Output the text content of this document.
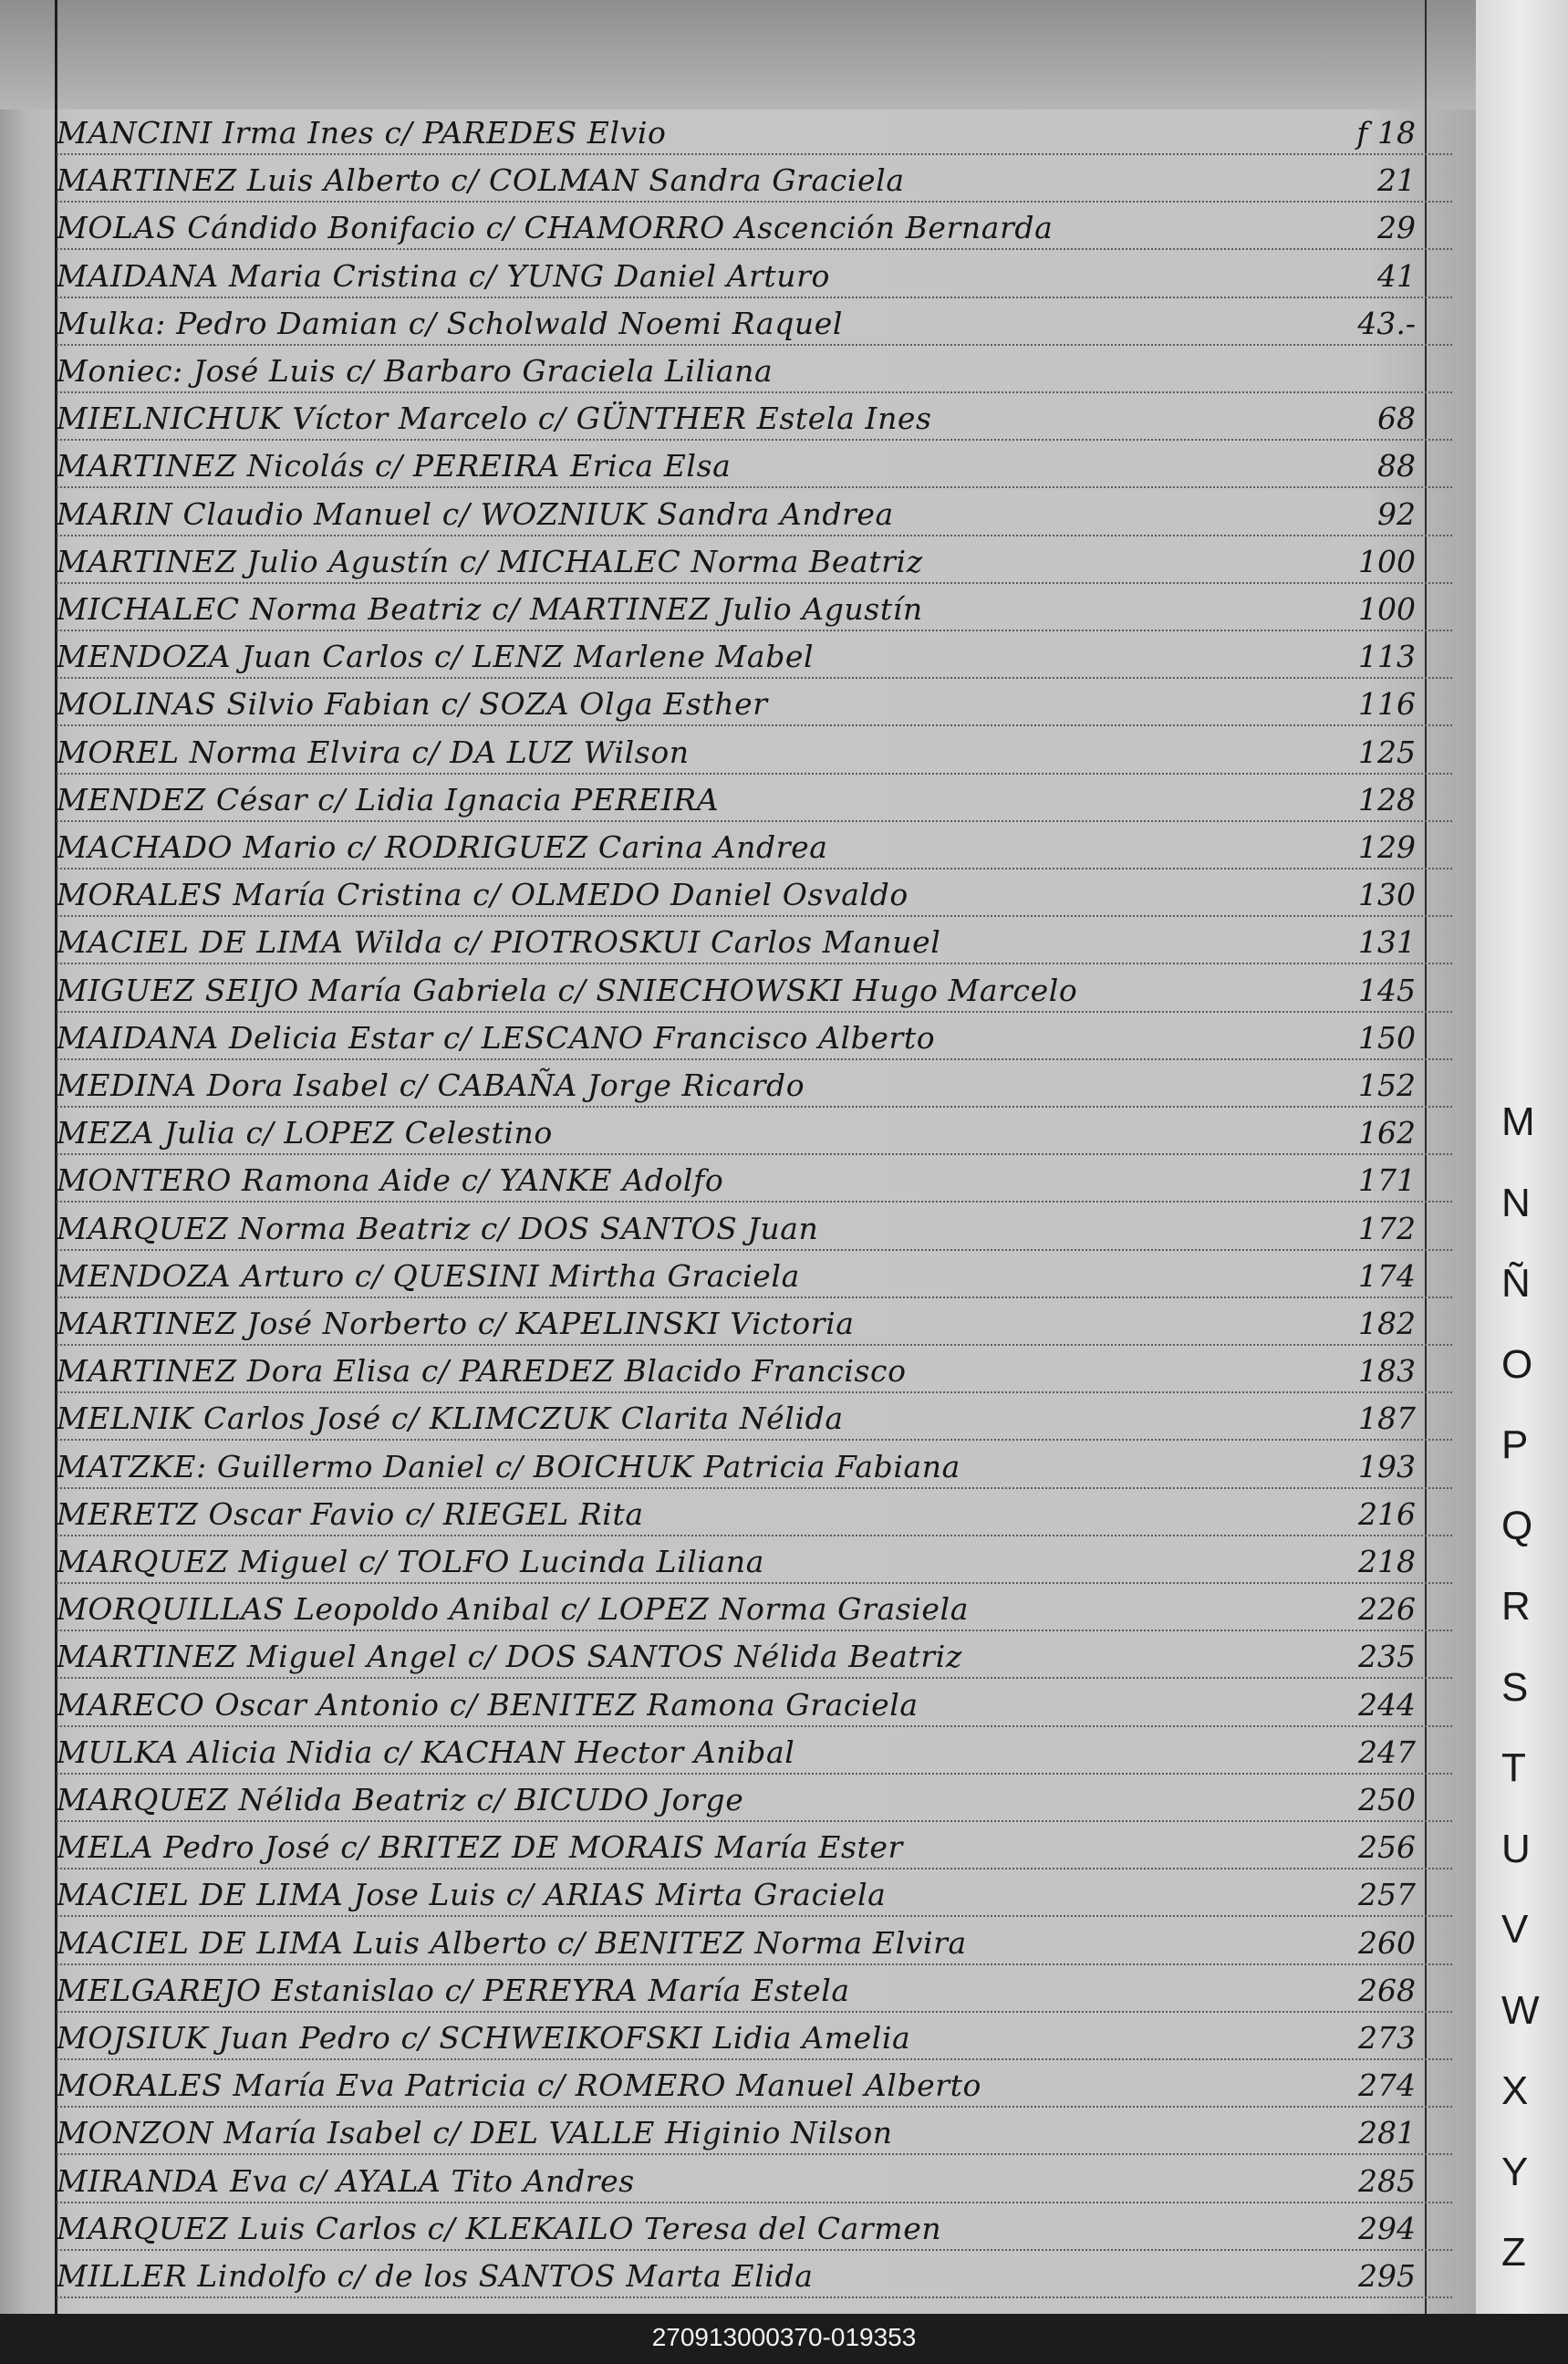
MANCINI Irma Ines c/ PAREDES Elvio	f 18
MARTINEZ Luis Alberto c/ COLMAN Sandra Graciela	21
MOLAS Cándido Bonifacio c/ CHAMORRO Ascención Bernarda	29
MAIDANA Maria Cristina c/ YUNG Daniel Arturo	41
Mulka: Pedro Damian c/ Scholwald Noemi Raquel	43.-
Moniec: José Luis c/ Barbaro Graciela Liliana
MIELNICHUK Víctor Marcelo c/ GÜNTHER Estela Ines	68
MARTINEZ Nicolás c/ PEREIRA Erica Elsa	88
MARIN Claudio Manuel c/ WOZNIUK Sandra Andrea	92
MARTINEZ Julio Agustín c/ MICHALEC Norma Beatriz	100
MICHALEC Norma Beatriz c/ MARTINEZ Julio Agustín	100
MENDOZA Juan Carlos c/ LENZ Marlene Mabel	113
MOLINAS Silvio Fabian c/ SOZA Olga Esther	116
MOREL Norma Elvira c/ DA LUZ Wilson	125
MENDEZ César c/ Lidia Ignacia PEREIRA	128
MACHADO Mario c/ RODRIGUEZ Carina Andrea	129
MORALES María Cristina c/ OLMEDO Daniel Osvaldo	130
MACIEL DE LIMA Wilda c/ PIOTROSKUI Carlos Manuel	131
MIGUEZ SEIJO María Gabriela c/ SNIECHOWSKI Hugo Marcelo	145
MAIDANA Delicia Estar c/ LESCANO Francisco Alberto	150
MEDINA Dora Isabel c/ CABAÑA Jorge Ricardo	152
MEZA Julia c/ LOPEZ Celestino	162
MONTERO Ramona Aide c/ YANKE Adolfo	171
MARQUEZ Norma Beatriz c/ DOS SANTOS Juan	172
MENDOZA Arturo c/ QUESINI Mirtha Graciela	174
MARTINEZ José Norberto c/ KAPELINSKI Victoria	182
MARTINEZ Dora Elisa c/ PAREDEZ Blacido Francisco	183
MELNIK Carlos José c/ KLIMCZUK Clarita Nélida	187
MATZKE: Guillermo Daniel c/ BOICHUK Patricia Fabiana	193
MERETZ Oscar Favio c/ RIEGEL Rita	216
MARQUEZ Miguel c/ TOLFO Lucinda Liliana	218
MORQUILLAS Leopoldo Anibal c/ LOPEZ Norma Grasiela	226
MARTINEZ Miguel Angel c/ DOS SANTOS Nélida Beatriz	235
MARECO Oscar Antonio c/ BENITEZ Ramona Graciela	244
MULKA Alicia Nidia c/ KACHAN Hector Anibal	247
MARQUEZ Nélida Beatriz c/ BICUDO Jorge	250
MELA Pedro José c/ BRITEZ DE MORAIS María Ester	256
MACIEL DE LIMA Jose Luis c/ ARIAS Mirta Graciela	257
MACIEL DE LIMA Luis Alberto c/ BENITEZ Norma Elvira	260
MELGAREJO Estanislao c/ PEREYRA María Estela	268
MOJSIUK Juan Pedro c/ SCHWEIKOFSKI Lidia Amelia	273
MORALES María Eva Patricia c/ ROMERO Manuel Alberto	274
MONZON María Isabel c/ DEL VALLE Higinio Nilson	281
MIRANDA Eva c/ AYALA Tito Andres	285
MARQUEZ Luis Carlos c/ KLEKAILO Teresa del Carmen	294
MILLER Lindolfo c/ de los SANTOS Marta Elida	295
M
N
Ñ
O
P
Q
R
S
T
U
V
W
X
Y
Z
270913000370-019353
